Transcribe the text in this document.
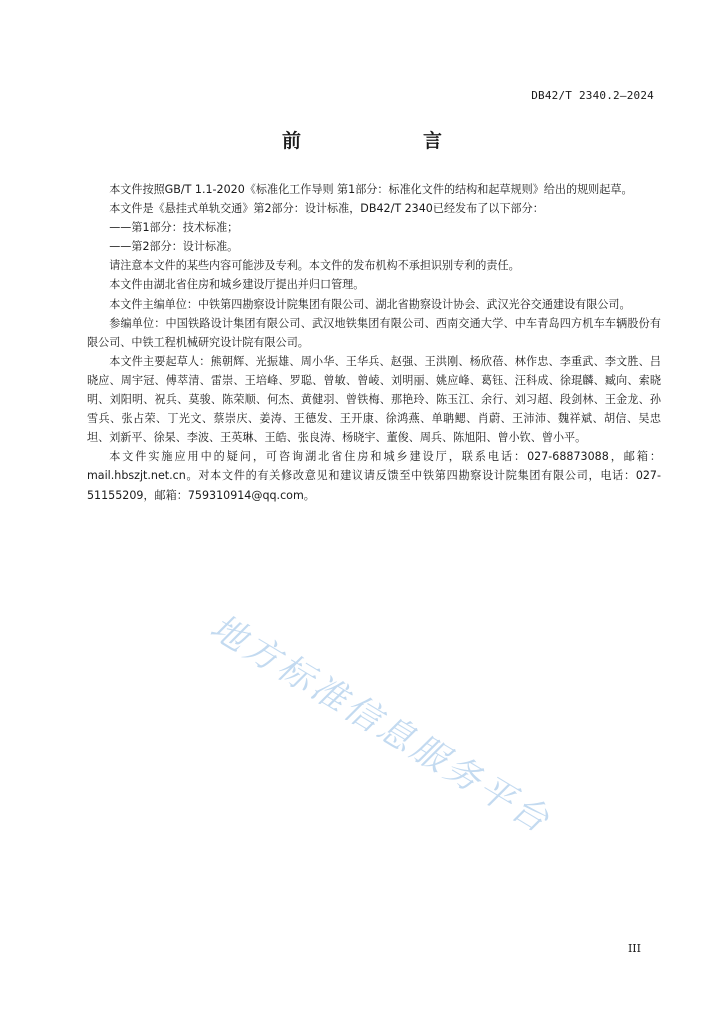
DB42/T 2340.2—2024
前　　言

本文件按照GB/T 1.1-2020《标准化工作导则 第1部分：标准化文件的结构和起草规则》给出的规则起草。

本文件是《悬挂式单轨交通》第2部分：设计标准，DB42/T 2340已经发布了以下部分：

——第1部分：技术标准；

——第2部分：设计标准。

请注意本文件的某些内容可能涉及专利。本文件的发布机构不承担识别专利的责任。

本文件由湖北省住房和城乡建设厅提出并归口管理。

本文件主编单位：中铁第四勘察设计院集团有限公司、湖北省勘察设计协会、武汉光谷交通建设有限公司。

参编单位：中国铁路设计集团有限公司、武汉地铁集团有限公司、西南交通大学、中车青岛四方机车车辆股份有限公司、中铁工程机械研究设计院有限公司。

本文件主要起草人：熊朝辉、光振雄、周小华、王华兵、赵强、王洪刚、杨欣蓓、林作忠、李重武、李文胜、吕晓应、周宇冠、傅萃清、雷崇、王培峰、罗聪、曾敏、曾崚、刘明丽、姚应峰、葛钰、汪科成、徐琨麟、臧向、索晓明、刘阳明、祝兵、莫骏、陈荣顺、何杰、黄健羽、曾铁梅、那艳玲、陈玉江、余行、刘习超、段剑林、王金龙、孙雪兵、张占荣、丁光文、蔡崇庆、姜涛、王德发、王开康、徐鸿燕、单聃鳃、肖蔚、王沛沛、魏祥斌、胡信、吴忠坦、刘新平、徐杲、李波、王英琳、王皓、张良涛、杨晓宇、董俊、周兵、陈旭阳、曾小钦、曾小平。

本文件实施应用中的疑问，可咨询湖北省住房和城乡建设厅，联系电话：027-68873088，邮箱：mail.hbszjt.net.cn。对本文件的有关修改意见和建议请反馈至中铁第四勘察设计院集团有限公司，电话：027-51155209，邮箱：759310914@qq.com。

地方标准信息服务平台
III
